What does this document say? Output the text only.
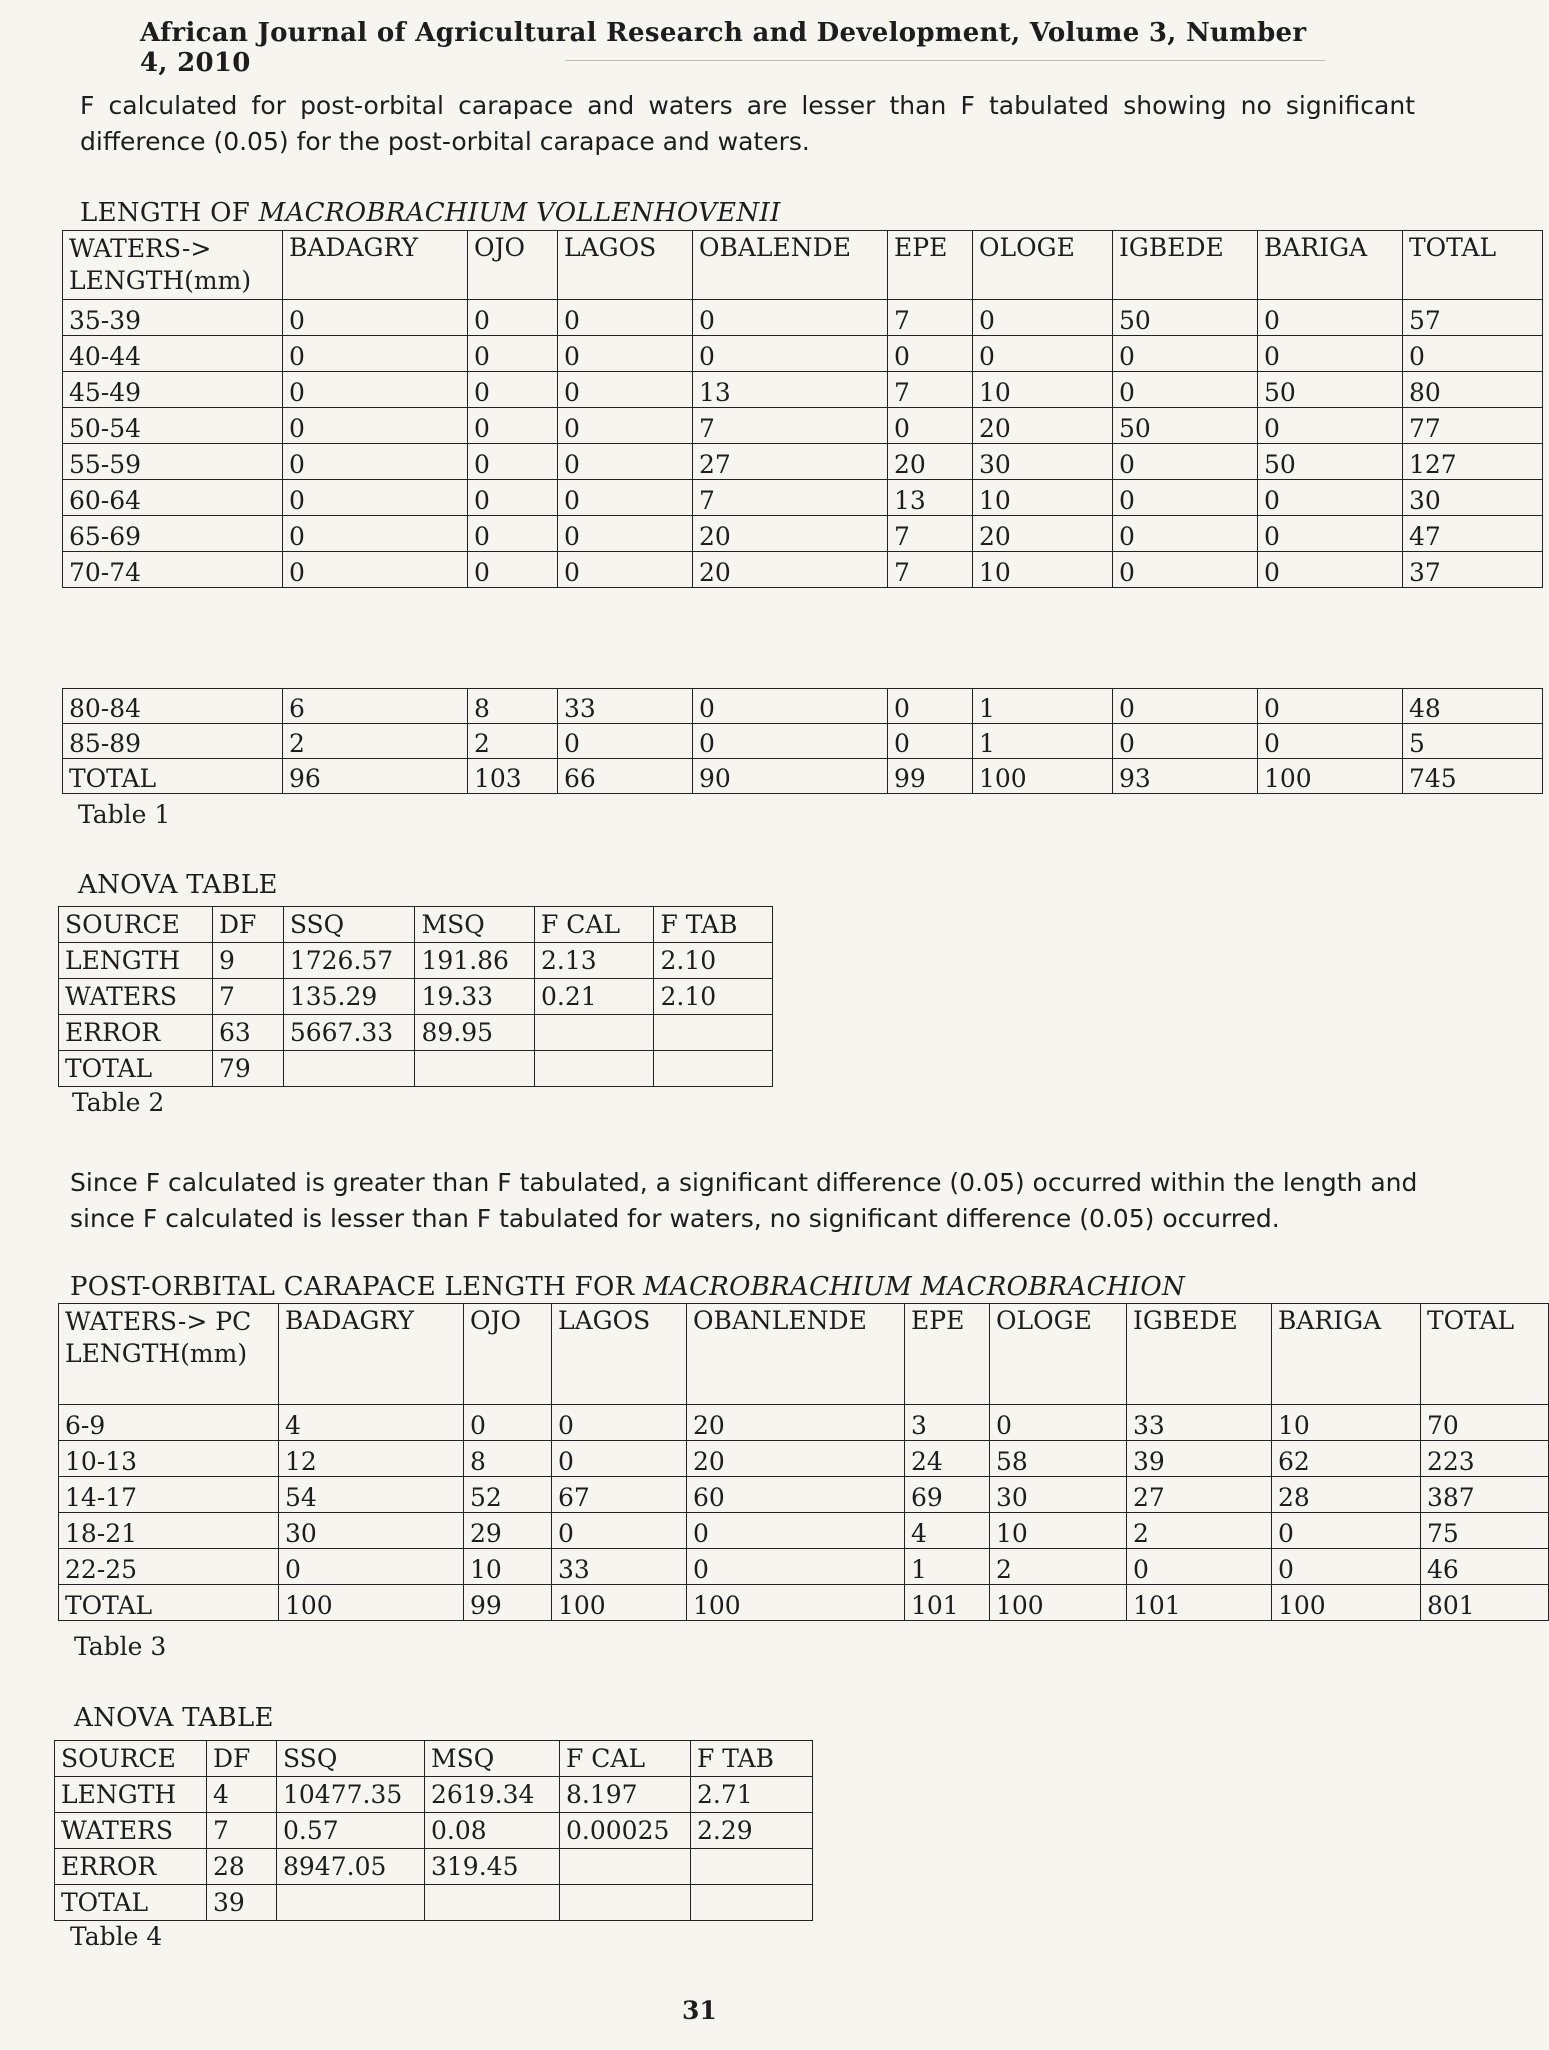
African Journal of Agricultural Research and Development, Volume 3, Number 4, 2010
F calculated for post-orbital carapace and waters are lesser than F tabulated showing no significant difference (0.05) for the post-orbital carapace and waters.
LENGTH OF MACROBRACHIUM VOLLENHOVENII
WATERS-> LENGTH(mm)	BADAGRY	OJO	LAGOS	OBALENDE	EPE	OLOGE	IGBEDE	BARIGA	TOTAL
35-39	0	0	0	0	7	0	50	0	57
40-44	0	0	0	0	0	0	0	0	0
45-49	0	0	0	13	7	10	0	50	80
50-54	0	0	0	7	0	20	50	0	77
55-59	0	0	0	27	20	30	0	50	127
60-64	0	0	0	7	13	10	0	0	30
65-69	0	0	0	20	7	20	0	0	47
70-74	0	0	0	20	7	10	0	0	37
80-84	6	8	33	0	0	1	0	0	48
85-89	2	2	0	0	0	1	0	0	5
TOTAL	96	103	66	90	99	100	93	100	745
Table 1
ANOVA TABLE
SOURCE	DF	SSQ	MSQ	F CAL	F TAB
LENGTH	9	1726.57	191.86	2.13	2.10
WATERS	7	135.29	19.33	0.21	2.10
ERROR	63	5667.33	89.95		
TOTAL	79				
Table 2
Since F calculated is greater than F tabulated, a significant difference (0.05) occurred within the length and since F calculated is lesser than F tabulated for waters, no significant difference (0.05) occurred.
POST-ORBITAL CARAPACE LENGTH FOR MACROBRACHIUM MACROBRACHION
WATERS-> PC LENGTH(mm)	BADAGRY	OJO	LAGOS	OBANLENDE	EPE	OLOGE	IGBEDE	BARIGA	TOTAL
6-9	4	0	0	20	3	0	33	10	70
10-13	12	8	0	20	24	58	39	62	223
14-17	54	52	67	60	69	30	27	28	387
18-21	30	29	0	0	4	10	2	0	75
22-25	0	10	33	0	1	2	0	0	46
TOTAL	100	99	100	100	101	100	101	100	801
Table 3
ANOVA TABLE
SOURCE	DF	SSQ	MSQ	F CAL	F TAB
LENGTH	4	10477.35	2619.34	8.197	2.71
WATERS	7	0.57	0.08	0.00025	2.29
ERROR	28	8947.05	319.45		
TOTAL	39				
Table 4
31
